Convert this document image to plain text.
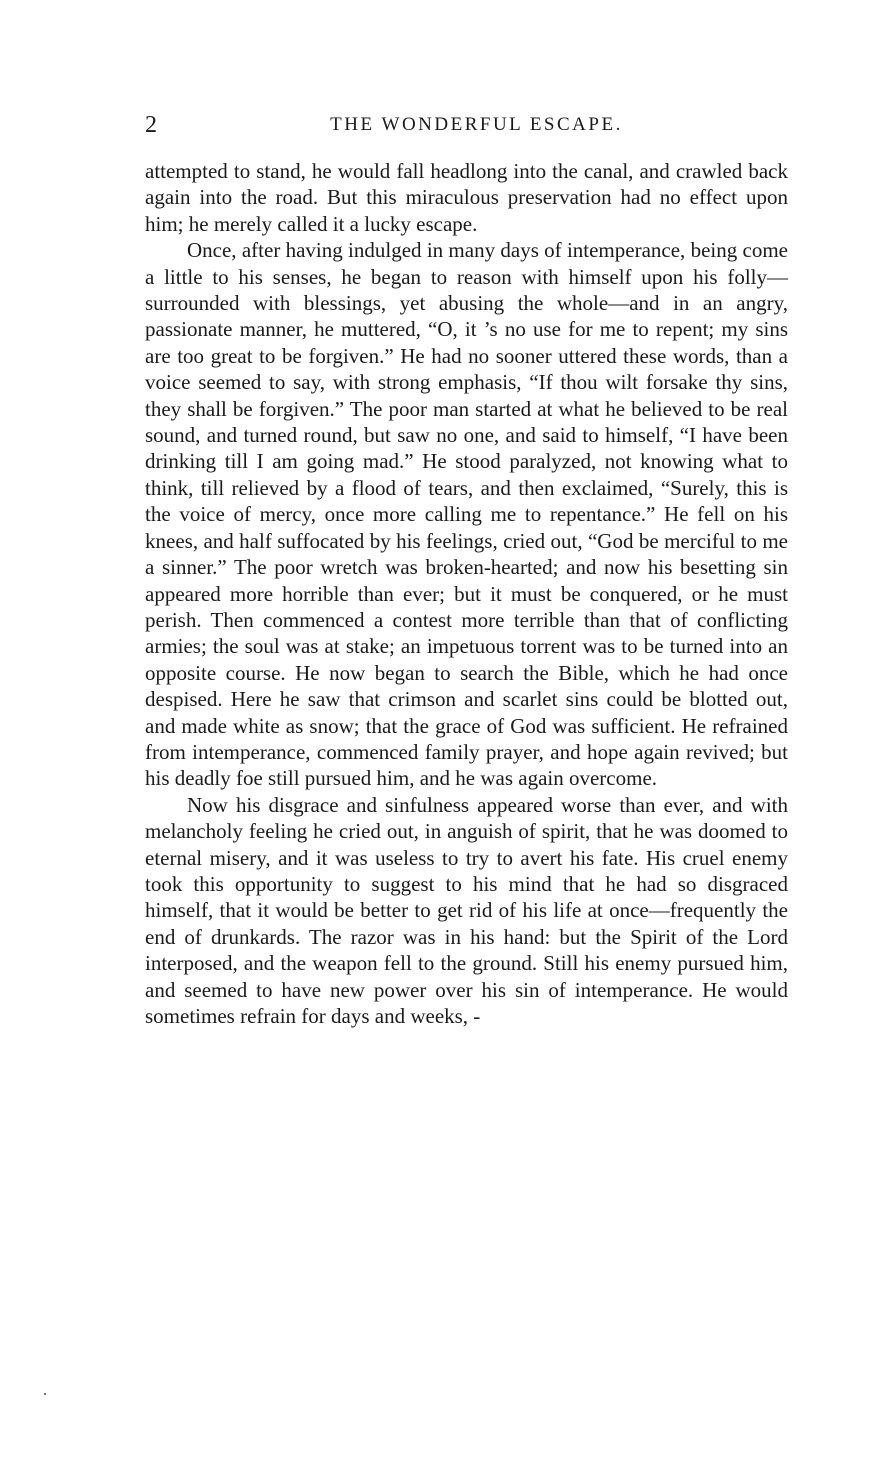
2	THE WONDERFUL ESCAPE.

attempted to stand, he would fall headlong into the canal, and crawled back again into the road. But this miraculous preservation had no effect upon him; he merely called it a lucky escape.

Once, after having indulged in many days of intemperance, being come a little to his senses, he began to reason with himself upon his folly—surrounded with blessings, yet abusing the whole—and in an angry, passionate manner, he muttered, “O, it ’s no use for me to repent; my sins are too great to be forgiven.” He had no sooner uttered these words, than a voice seemed to say, with strong emphasis, “If thou wilt forsake thy sins, they shall be forgiven.” The poor man started at what he believed to be real sound, and turned round, but saw no one, and said to himself, “I have been drinking till I am going mad.” He stood paralyzed, not knowing what to think, till relieved by a flood of tears, and then exclaimed, “Surely, this is the voice of mercy, once more calling me to repentance.” He fell on his knees, and half suffocated by his feelings, cried out, “God be merciful to me a sinner.” The poor wretch was broken-hearted; and now his besetting sin appeared more horrible than ever; but it must be conquered, or he must perish. Then commenced a contest more terrible than that of conflicting armies; the soul was at stake; an impetuous torrent was to be turned into an opposite course. He now began to search the Bible, which he had once despised. Here he saw that crimson and scarlet sins could be blotted out, and made white as snow; that the grace of God was sufficient. He refrained from intemperance, commenced family prayer, and hope again revived; but his deadly foe still pursued him, and he was again overcome.

Now his disgrace and sinfulness appeared worse than ever, and with melancholy feeling he cried out, in anguish of spirit, that he was doomed to eternal misery, and it was useless to try to avert his fate. His cruel enemy took this opportunity to suggest to his mind that he had so disgraced himself, that it would be better to get rid of his life at once—frequently the end of drunkards. The razor was in his hand: but the Spirit of the Lord interposed, and the weapon fell to the ground. Still his enemy pursued him, and seemed to have new power over his sin of intemperance. He would sometimes refrain for days and weeks, -
